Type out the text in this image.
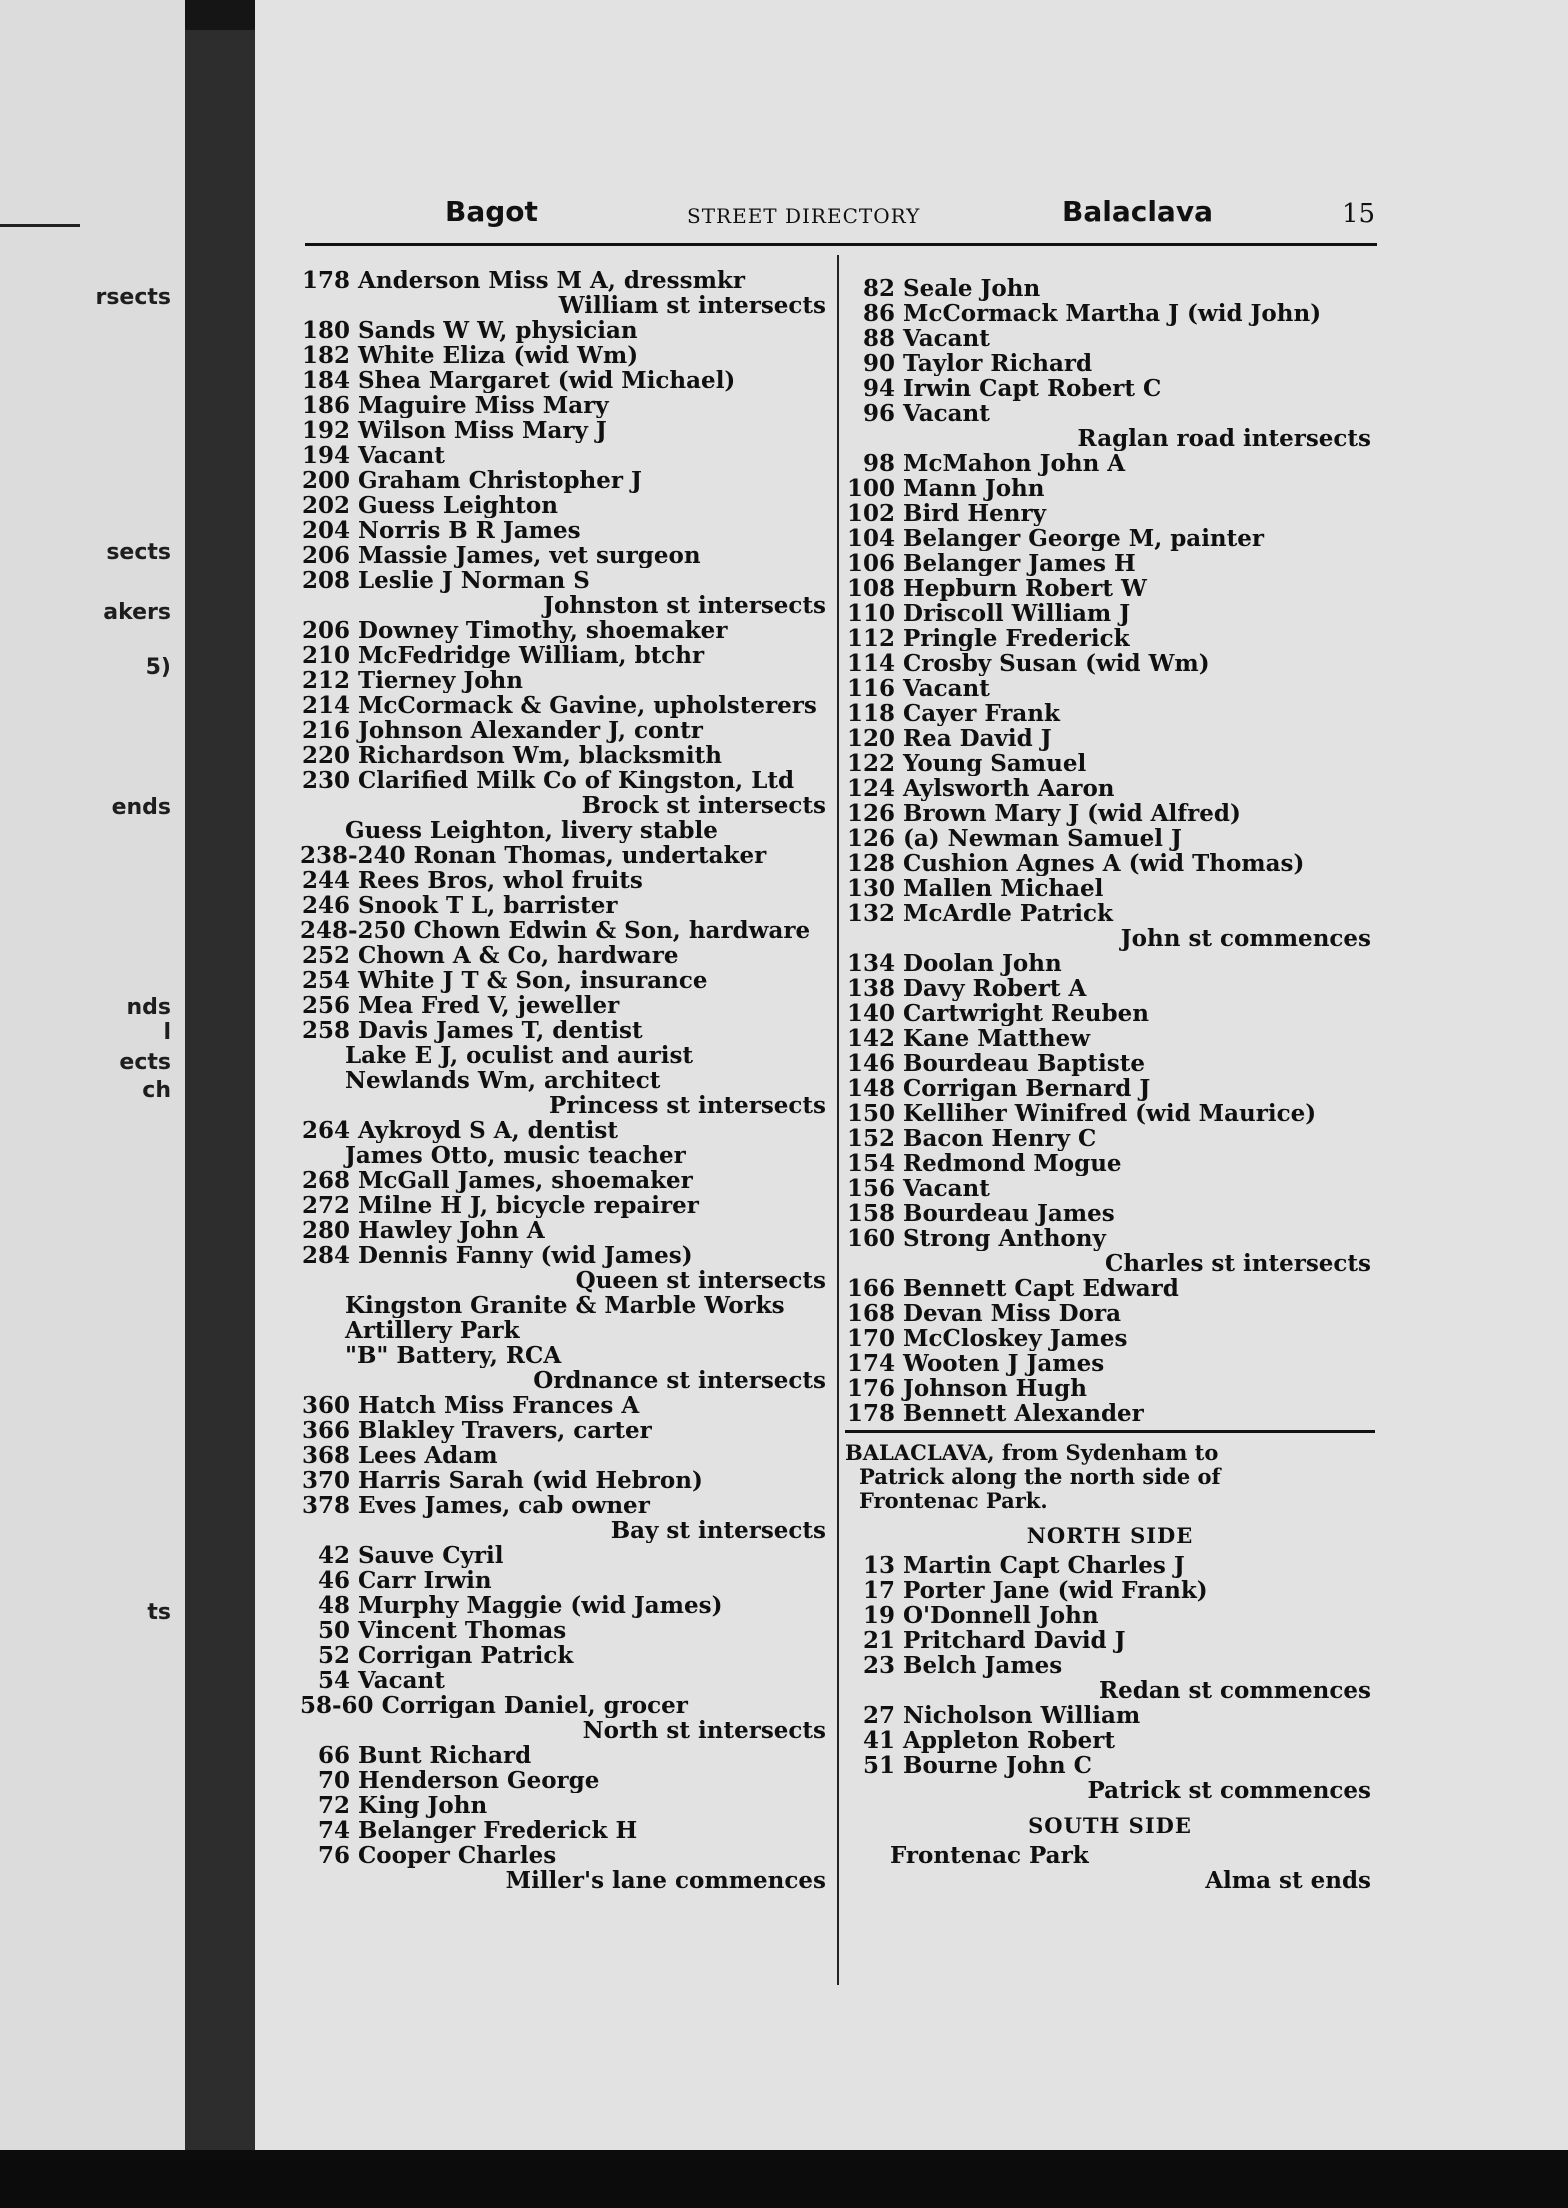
rsects
sects
akers
5)
ends
nds
l
ects
ch
ts
Bagot	STREET DIRECTORY	Balaclava	15
178 Anderson Miss M A, dressmkr
William st intersects
180 Sands W W, physician
182 White Eliza (wid Wm)
184 Shea Margaret (wid Michael)
186 Maguire Miss Mary
192 Wilson Miss Mary J
194 Vacant
200 Graham Christopher J
202 Guess Leighton
204 Norris B R James
206 Massie James, vet surgeon
208 Leslie J Norman S
Johnston st intersects
206 Downey Timothy, shoemaker
210 McFedridge William, btchr
212 Tierney John
214 McCormack & Gavine, upholsterers
216 Johnson Alexander J, contr
220 Richardson Wm, blacksmith
230 Clarified Milk Co of Kingston, Ltd
Brock st intersects
Guess Leighton, livery stable
238-240 Ronan Thomas, undertaker
244 Rees Bros, whol fruits
246 Snook T L, barrister
248-250 Chown Edwin & Son, hardware
252 Chown A & Co, hardware
254 White J T & Son, insurance
256 Mea Fred V, jeweller
258 Davis James T, dentist
Lake E J, oculist and aurist
Newlands Wm, architect
Princess st intersects
264 Aykroyd S A, dentist
James Otto, music teacher
268 McGall James, shoemaker
272 Milne H J, bicycle repairer
280 Hawley John A
284 Dennis Fanny (wid James)
Queen st intersects
Kingston Granite & Marble Works
Artillery Park
"B" Battery, RCA
Ordnance st intersects
360 Hatch Miss Frances A
366 Blakley Travers, carter
368 Lees Adam
370 Harris Sarah (wid Hebron)
378 Eves James, cab owner
Bay st intersects
42 Sauve Cyril
46 Carr Irwin
48 Murphy Maggie (wid James)
50 Vincent Thomas
52 Corrigan Patrick
54 Vacant
58-60 Corrigan Daniel, grocer
North st intersects
66 Bunt Richard
70 Henderson George
72 King John
74 Belanger Frederick H
76 Cooper Charles
Miller's lane commences
82 Seale John
86 McCormack Martha J (wid John)
88 Vacant
90 Taylor Richard
94 Irwin Capt Robert C
96 Vacant
Raglan road intersects
98 McMahon John A
100 Mann John
102 Bird Henry
104 Belanger George M, painter
106 Belanger James H
108 Hepburn Robert W
110 Driscoll William J
112 Pringle Frederick
114 Crosby Susan (wid Wm)
116 Vacant
118 Cayer Frank
120 Rea David J
122 Young Samuel
124 Aylsworth Aaron
126 Brown Mary J (wid Alfred)
126 (a) Newman Samuel J
128 Cushion Agnes A (wid Thomas)
130 Mallen Michael
132 McArdle Patrick
John st commences
134 Doolan John
138 Davy Robert A
140 Cartwright Reuben
142 Kane Matthew
146 Bourdeau Baptiste
148 Corrigan Bernard J
150 Kelliher Winifred (wid Maurice)
152 Bacon Henry C
154 Redmond Mogue
156 Vacant
158 Bourdeau James
160 Strong Anthony
Charles st intersects
166 Bennett Capt Edward
168 Devan Miss Dora
170 McCloskey James
174 Wooten J James
176 Johnson Hugh
178 Bennett Alexander
BALACLAVA, from Sydenham to
Patrick along the north side of
Frontenac Park.
NORTH SIDE
13 Martin Capt Charles J
17 Porter Jane (wid Frank)
19 O'Donnell John
21 Pritchard David J
23 Belch James
Redan st commences
27 Nicholson William
41 Appleton Robert
51 Bourne John C
Patrick st commences
SOUTH SIDE
Frontenac Park
Alma st ends
